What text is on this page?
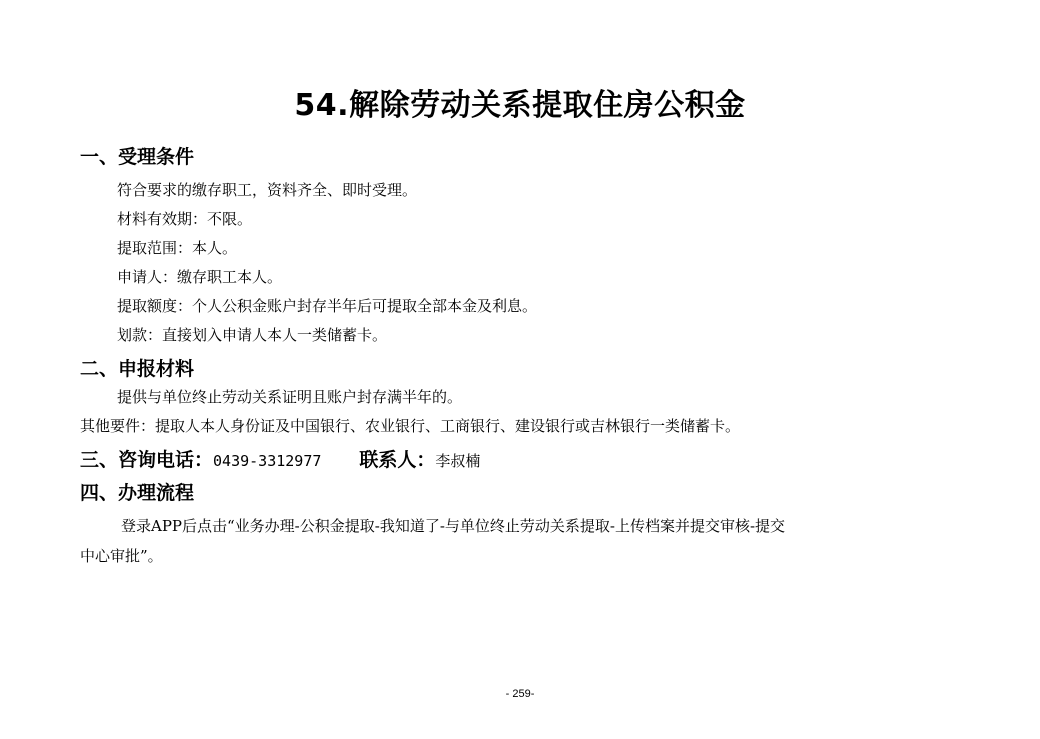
54.解除劳动关系提取住房公积金
一、受理条件
符合要求的缴存职工，资料齐全、即时受理。
材料有效期：不限。
提取范围：本人。
申请人：缴存职工本人。
提取额度：个人公积金账户封存半年后可提取全部本金及利息。
划款：直接划入申请人本人一类储蓄卡。
二、申报材料
提供与单位终止劳动关系证明且账户封存满半年的。
其他要件：提取人本人身份证及中国银行、农业银行、工商银行、建设银行或吉林银行一类储蓄卡。
三、咨询电话：0439-3312977 联系人：李叔楠
四、办理流程
登录APP后点击“业务办理-公积金提取-我知道了-与单位终止劳动关系提取-上传档案并提交审核-提交
中心审批”。
- 259-
